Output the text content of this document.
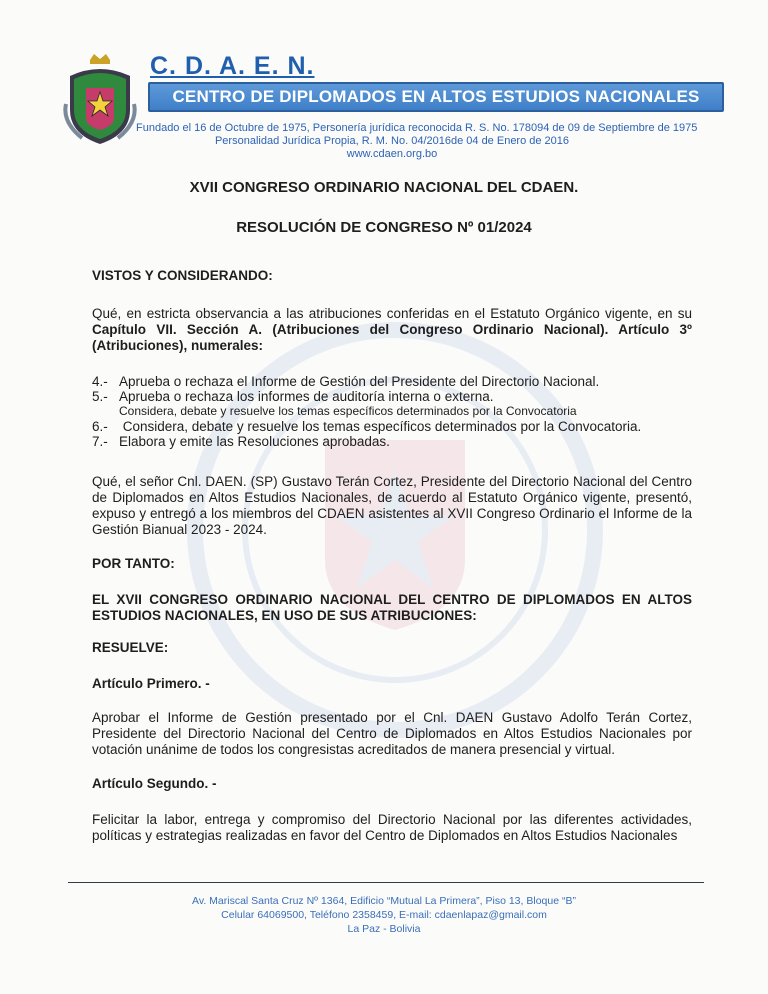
C. D. A. E. N.
CENTRO DE DIPLOMADOS EN ALTOS ESTUDIOS NACIONALES
Fundado el 16 de Octubre de 1975, Personería jurídica reconocida R. S. No. 178094 de 09 de Septiembre de 1975
Personalidad Jurídica Propia, R. M. No. 04/2016de 04 de Enero de 2016
www.cdaen.org.bo
XVII CONGRESO ORDINARIO NACIONAL DEL CDAEN.
RESOLUCIÓN DE CONGRESO Nº 01/2024
VISTOS Y CONSIDERANDO:
Qué, en estricta observancia a las atribuciones conferidas en el Estatuto Orgánico vigente, en su Capítulo VII. Sección A. (Atribuciones del Congreso Ordinario Nacional). Artículo 3º (Atribuciones), numerales:
4.- Aprueba o rechaza el Informe de Gestión del Presidente del Directorio Nacional.
5.- Aprueba o rechaza los informes de auditoría interna o externa.
Considera, debate y resuelve los temas específicos determinados por la Convocatoria
6.- Considera, debate y resuelve los temas específicos determinados por la Convocatoria.
7.- Elabora y emite las Resoluciones aprobadas.
Qué, el señor Cnl. DAEN. (SP) Gustavo Terán Cortez, Presidente del Directorio Nacional del Centro de Diplomados en Altos Estudios Nacionales, de acuerdo al Estatuto Orgánico vigente, presentó, expuso y entregó a los miembros del CDAEN asistentes al XVII Congreso Ordinario el Informe de la Gestión Bianual 2023 - 2024.
POR TANTO:
EL XVII CONGRESO ORDINARIO NACIONAL DEL CENTRO DE DIPLOMADOS EN ALTOS ESTUDIOS NACIONALES, EN USO DE SUS ATRIBUCIONES:
RESUELVE:
Artículo Primero. -
Aprobar el Informe de Gestión presentado por el Cnl. DAEN Gustavo Adolfo Terán Cortez, Presidente del Directorio Nacional del Centro de Diplomados en Altos Estudios Nacionales por votación unánime de todos los congresistas acreditados de manera presencial y virtual.
Artículo Segundo. -
Felicitar la labor, entrega y compromiso del Directorio Nacional por las diferentes actividades, políticas y estrategias realizadas en favor del Centro de Diplomados en Altos Estudios Nacionales
Av. Mariscal Santa Cruz Nº 1364, Edificio “Mutual La Primera”, Piso 13, Bloque “B”
Celular 64069500, Teléfono 2358459, E-mail: cdaenlapaz@gmail.com
La Paz - Bolivia
